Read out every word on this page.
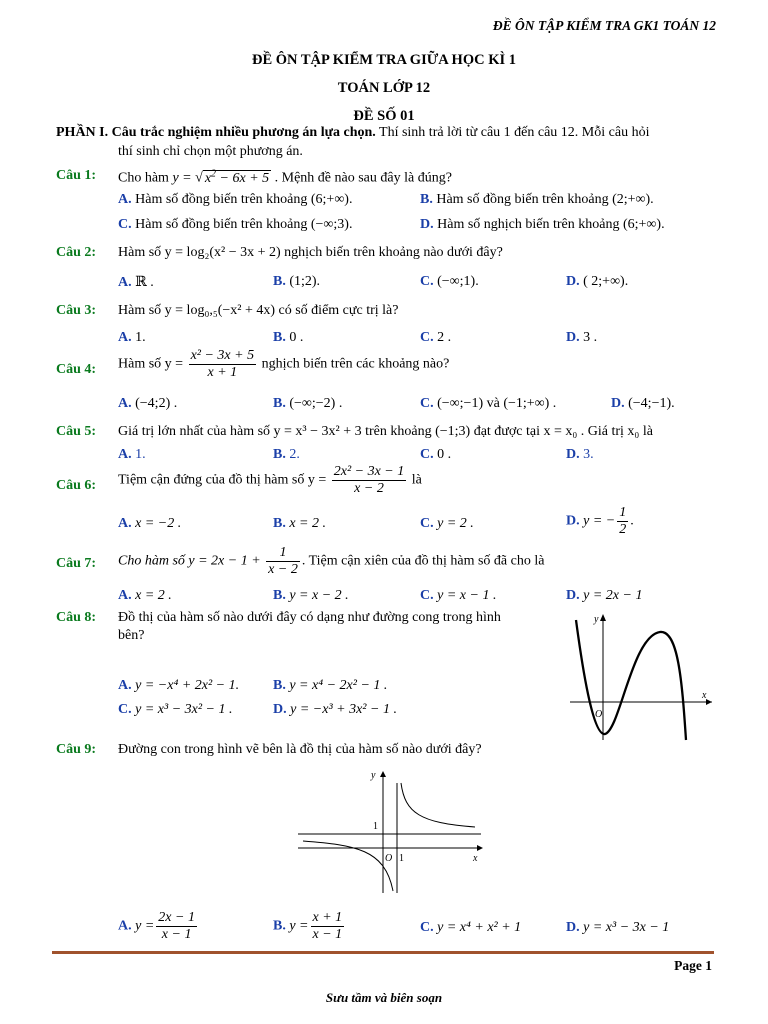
ĐỀ ÔN TẬP KIỂM TRA GK1 TOÁN 12
ĐỀ ÔN TẬP KIỂM TRA GIỮA HỌC KÌ 1
TOÁN LỚP 12
ĐỀ SỐ 01
PHẦN I. Câu trắc nghiệm nhiều phương án lựa chọn. Thí sinh trả lời từ câu 1 đến câu 12. Mỗi câu hỏi
thí sinh chỉ chọn một phương án.
Câu 1: Cho hàm y = √ $x^2 - 6x + 5$ . Mệnh đề nào sau đây là đúng?
A. Hàm số đồng biến trên khoảng (6;+∞).	B. Hàm số đồng biến trên khoảng (2;+∞).
C. Hàm số đồng biến trên khoảng (−∞;3).	D. Hàm số nghịch biến trên khoảng (6;+∞).
Câu 2: Hàm số y = log₂(x² − 3x + 2) nghịch biến trên khoảng nào dưới đây?
A. ℝ .	B. (1;2).	C. (−∞;1).	D. ( 2;+∞).
Câu 3: Hàm số y = log₀,₅(−x² + 4x) có số điểm cực trị là?
A. 1.	B. 0 .	C. 2 .	D. 3 .
Câu 4: Hàm số $y = \frac{\text{x² − 3x + 5}}{x + 1}$ nghịch biến trên các khoảng nào?
A. (−4;2) .	B. (−∞;−2) .	C. (−∞;−1) và (−1;+∞) .	D. (−4;−1).
Câu 5: Giá trị lớn nhất của hàm số y = x³ − 3x² + 3 trên khoảng (−1;3) đạt được tại x = x₀ . Giá trị x₀ là
A. 1.	B. 2.	C. 0 .	D. 3.
Câu 6: Tiệm cận đứng của đồ thị hàm số $y = \frac{\text{2x² − 3x − 1}}{x - 2}$ là
A. x = −2 .	B. x = 2 .	C. y = 2 .	D. y = − $\frac{1}{2}$ .
Câu 7: Cho hàm số $y = 2x - 1 + \frac{1}{x - 2}$ . Tiệm cận xiên của đồ thị hàm số đã cho là
A. x = 2 .	B. y = x − 2 .	C. y = x − 1 .	D. y = 2x − 1
Câu 8: Đồ thị của hàm số nào dưới đây có dạng như đường cong trong hình
bên?
A. y = −x⁴ + 2x² − 1. B. y = x⁴ − 2x² − 1 .
C. y = x³ − 3x² − 1 .	D. y = −x³ + 3x² − 1 .
x
y
O
Câu 9: Đường con trong hình vẽ bên là đồ thị của hàm số nào dưới đây?
y
x
1
O 1
A. $y = \frac{2x - 1}{x - 1}$	B. $y = \frac{x + 1}{x - 1}$	C. y = x⁴ + x² + 1	D. y = x³ − 3x − 1
Page 1
Sưu tầm và biên soạn
